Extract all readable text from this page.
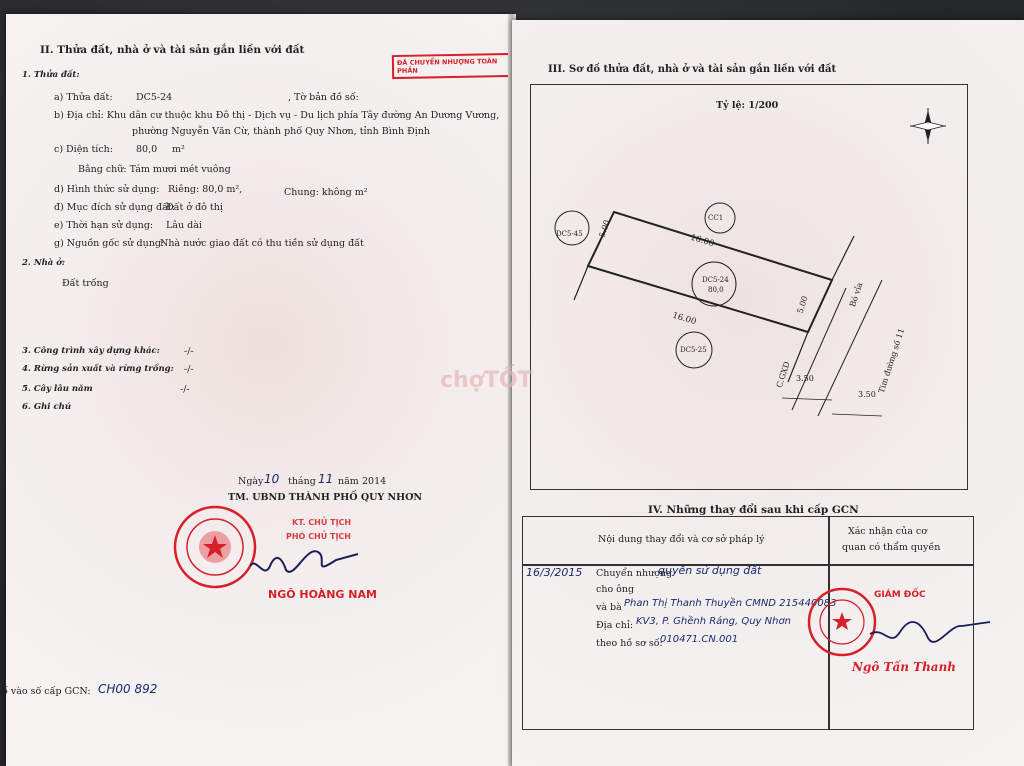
ĐÃ CHUYỂN NHƯỢNG TOÀN PHẦN
II. Thửa đất, nhà ở và tài sản gắn liền với đất
1. Thửa đất:
a) Thửa đất: DC5-24	, Tờ bản đồ số:
b) Địa chỉ: Khu dân cư thuộc khu Đô thị - Dịch vụ - Du lịch phía Tây đường An Dương Vương,
phường Nguyễn Văn Cừ, thành phố Quy Nhơn, tỉnh Bình Định
c) Diện tích: 80,0 m²
Bằng chữ: Tám mươi mét vuông
d) Hình thức sử dụng: Riêng: 80,0 m²,	Chung: không m²
đ) Mục đích sử dụng đất:
Đất ở đô thị
e) Thời hạn sử dụng: Lâu dài
g) Nguồn gốc sử dụng:
Nhà nước giao đất có thu tiền sử dụng đất
2. Nhà ở:
Đất trống
3. Công trình xây dựng khác:	-/-
4. Rừng sản xuất và rừng trồng: -/-
5. Cây lâu năm	-/-
6. Ghi chú
Ngày 10 tháng 11 năm 2014
TM. UBND THÀNH PHỐ QUY NHƠN
KT. CHỦ TỊCH
PHÓ CHỦ TỊCH
NGÔ HOÀNG NAM
ố vào số cấp GCN: CH00 892
III. Sơ đồ thửa đất, nhà ở và tài sản gắn liền với đất
Tỷ lệ: 1/200
DC5-45
CC1
DC5-24
80,0
DC5-25
16.00
16.00
5.00
5.00
C.GXD 3.50
3.50
Bó vỉa
Tim đường số 11
chợTỐT
IV. Những thay đổi sau khi cấp GCN
Nội dung thay đổi và cơ sở pháp lý
Xác nhận của cơ
quan có thẩm quyền
16/3/2015 Chuyển nhượng
quyền sử dụng đất
cho ông
và bà Phan Thị Thanh Thuyền CMND 215440083
Địa chỉ: KV3, P. Ghềnh Ráng, Quy Nhơn
theo hồ sơ số:
010471.CN.001
GIÁM ĐỐC
Ngô Tấn Thanh
